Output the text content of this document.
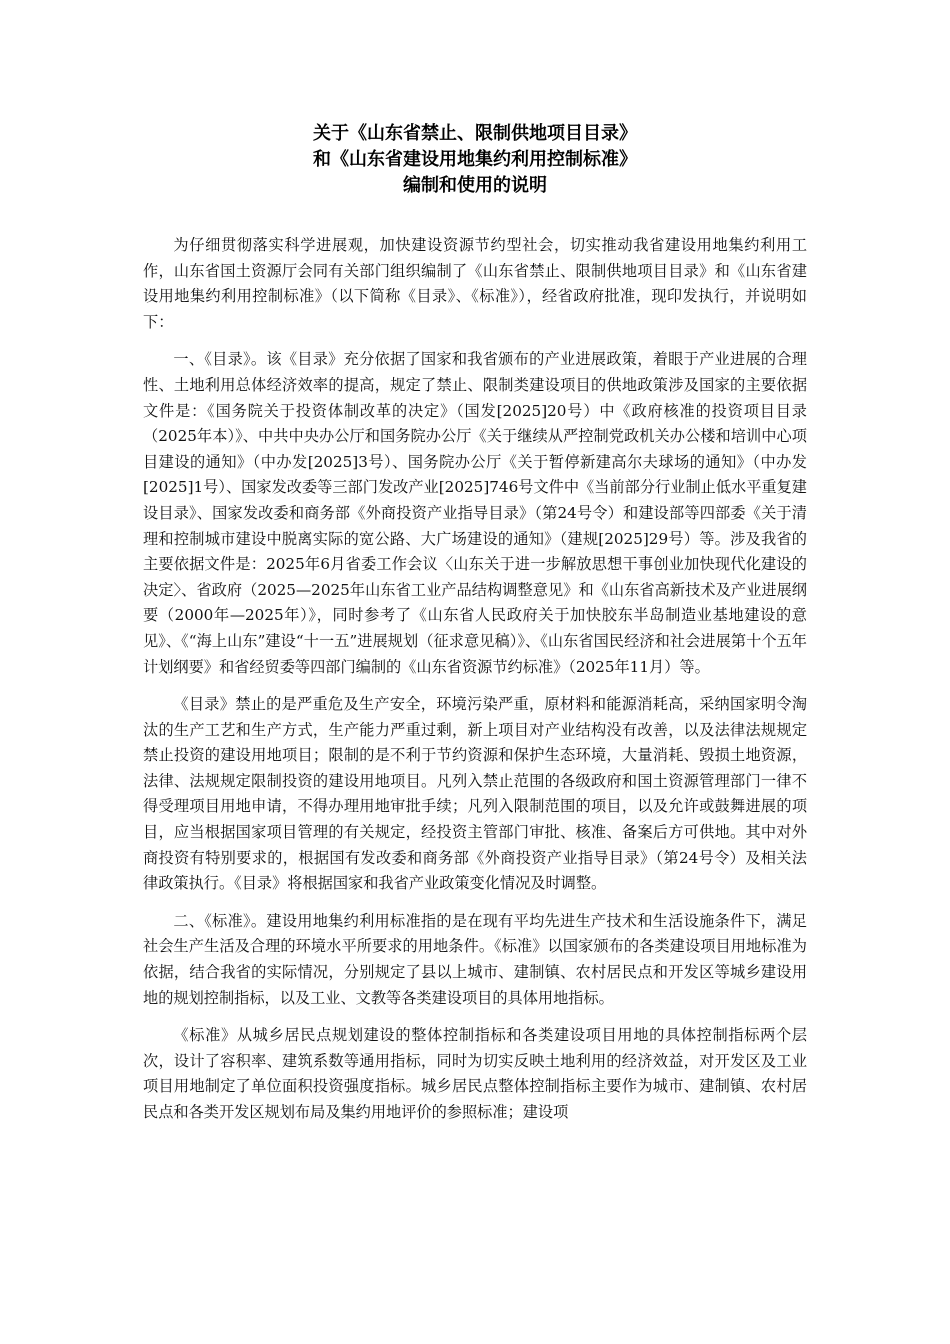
关于《山东省禁止、限制供地项目目录》
和《山东省建设用地集约利用控制标准》
编制和使用的说明

为仔细贯彻落实科学进展观，加快建设资源节约型社会，切实推动我省建设用地集约利用工作，山东省国土资源厅会同有关部门组织编制了《山东省禁止、限制供地项目目录》和《山东省建设用地集约利用控制标准》（以下简称《目录》、《标准》），经省政府批准，现印发执行，并说明如下：

一、《目录》。该《目录》充分依据了国家和我省颁布的产业进展政策，着眼于产业进展的合理性、土地利用总体经济效率的提高，规定了禁止、限制类建设项目的供地政策涉及国家的主要依据文件是：《国务院关于投资体制改革的决定》（国发[2025]20号）中《政府核准的投资项目目录（2025年本）》、中共中央办公厅和国务院办公厅《关于继续从严控制党政机关办公楼和培训中心项目建设的通知》（中办发[2025]3号）、国务院办公厅《关于暂停新建高尔夫球场的通知》（中办发[2025]1号）、国家发改委等三部门发改产业[2025]746号文件中《当前部分行业制止低水平重复建设目录》、国家发改委和商务部《外商投资产业指导目录》（第24号令）和建设部等四部委《关于清理和控制城市建设中脱离实际的宽公路、大广场建设的通知》（建规[2025]29号）等。涉及我省的主要依据文件是：2025年6月省委工作会议〈山东关于进一步解放思想干事创业加快现代化建设的决定〉、省政府（2025—2025年山东省工业产品结构调整意见》和《山东省高新技术及产业进展纲要（2000年—2025年）》，同时参考了《山东省人民政府关于加快胶东半岛制造业基地建设的意见》、《“海上山东”建设“十一五”进展规划（征求意见稿）》、《山东省国民经济和社会进展第十个五年计划纲要》和省经贸委等四部门编制的《山东省资源节约标准》（2025年11月）等。

《目录》禁止的是严重危及生产安全，环境污染严重，原材料和能源消耗高，采纳国家明令淘汰的生产工艺和生产方式，生产能力严重过剩，新上项目对产业结构没有改善，以及法律法规规定禁止投资的建设用地项目；限制的是不利于节约资源和保护生态环境，大量消耗、毁损土地资源，法律、法规规定限制投资的建设用地项目。凡列入禁止范围的各级政府和国土资源管理部门一律不得受理项目用地申请，不得办理用地审批手续；凡列入限制范围的项目，以及允许或鼓舞进展的项目，应当根据国家项目管理的有关规定，经投资主管部门审批、核准、备案后方可供地。其中对外商投资有特别要求的，根据国有发改委和商务部《外商投资产业指导目录》（第24号令）及相关法律政策执行。《目录》将根据国家和我省产业政策变化情况及时调整。

二、《标准》。建设用地集约利用标准指的是在现有平均先进生产技术和生活设施条件下，满足社会生产生活及合理的环境水平所要求的用地条件。《标准》以国家颁布的各类建设项目用地标准为依据，结合我省的实际情况，分别规定了县以上城市、建制镇、农村居民点和开发区等城乡建设用地的规划控制指标，以及工业、文教等各类建设项目的具体用地指标。

《标准》从城乡居民点规划建设的整体控制指标和各类建设项目用地的具体控制指标两个层次，设计了容积率、建筑系数等通用指标，同时为切实反映土地利用的经济效益，对开发区及工业项目用地制定了单位面积投资强度指标。城乡居民点整体控制指标主要作为城市、建制镇、农村居民点和各类开发区规划布局及集约用地评价的参照标准；建设项
